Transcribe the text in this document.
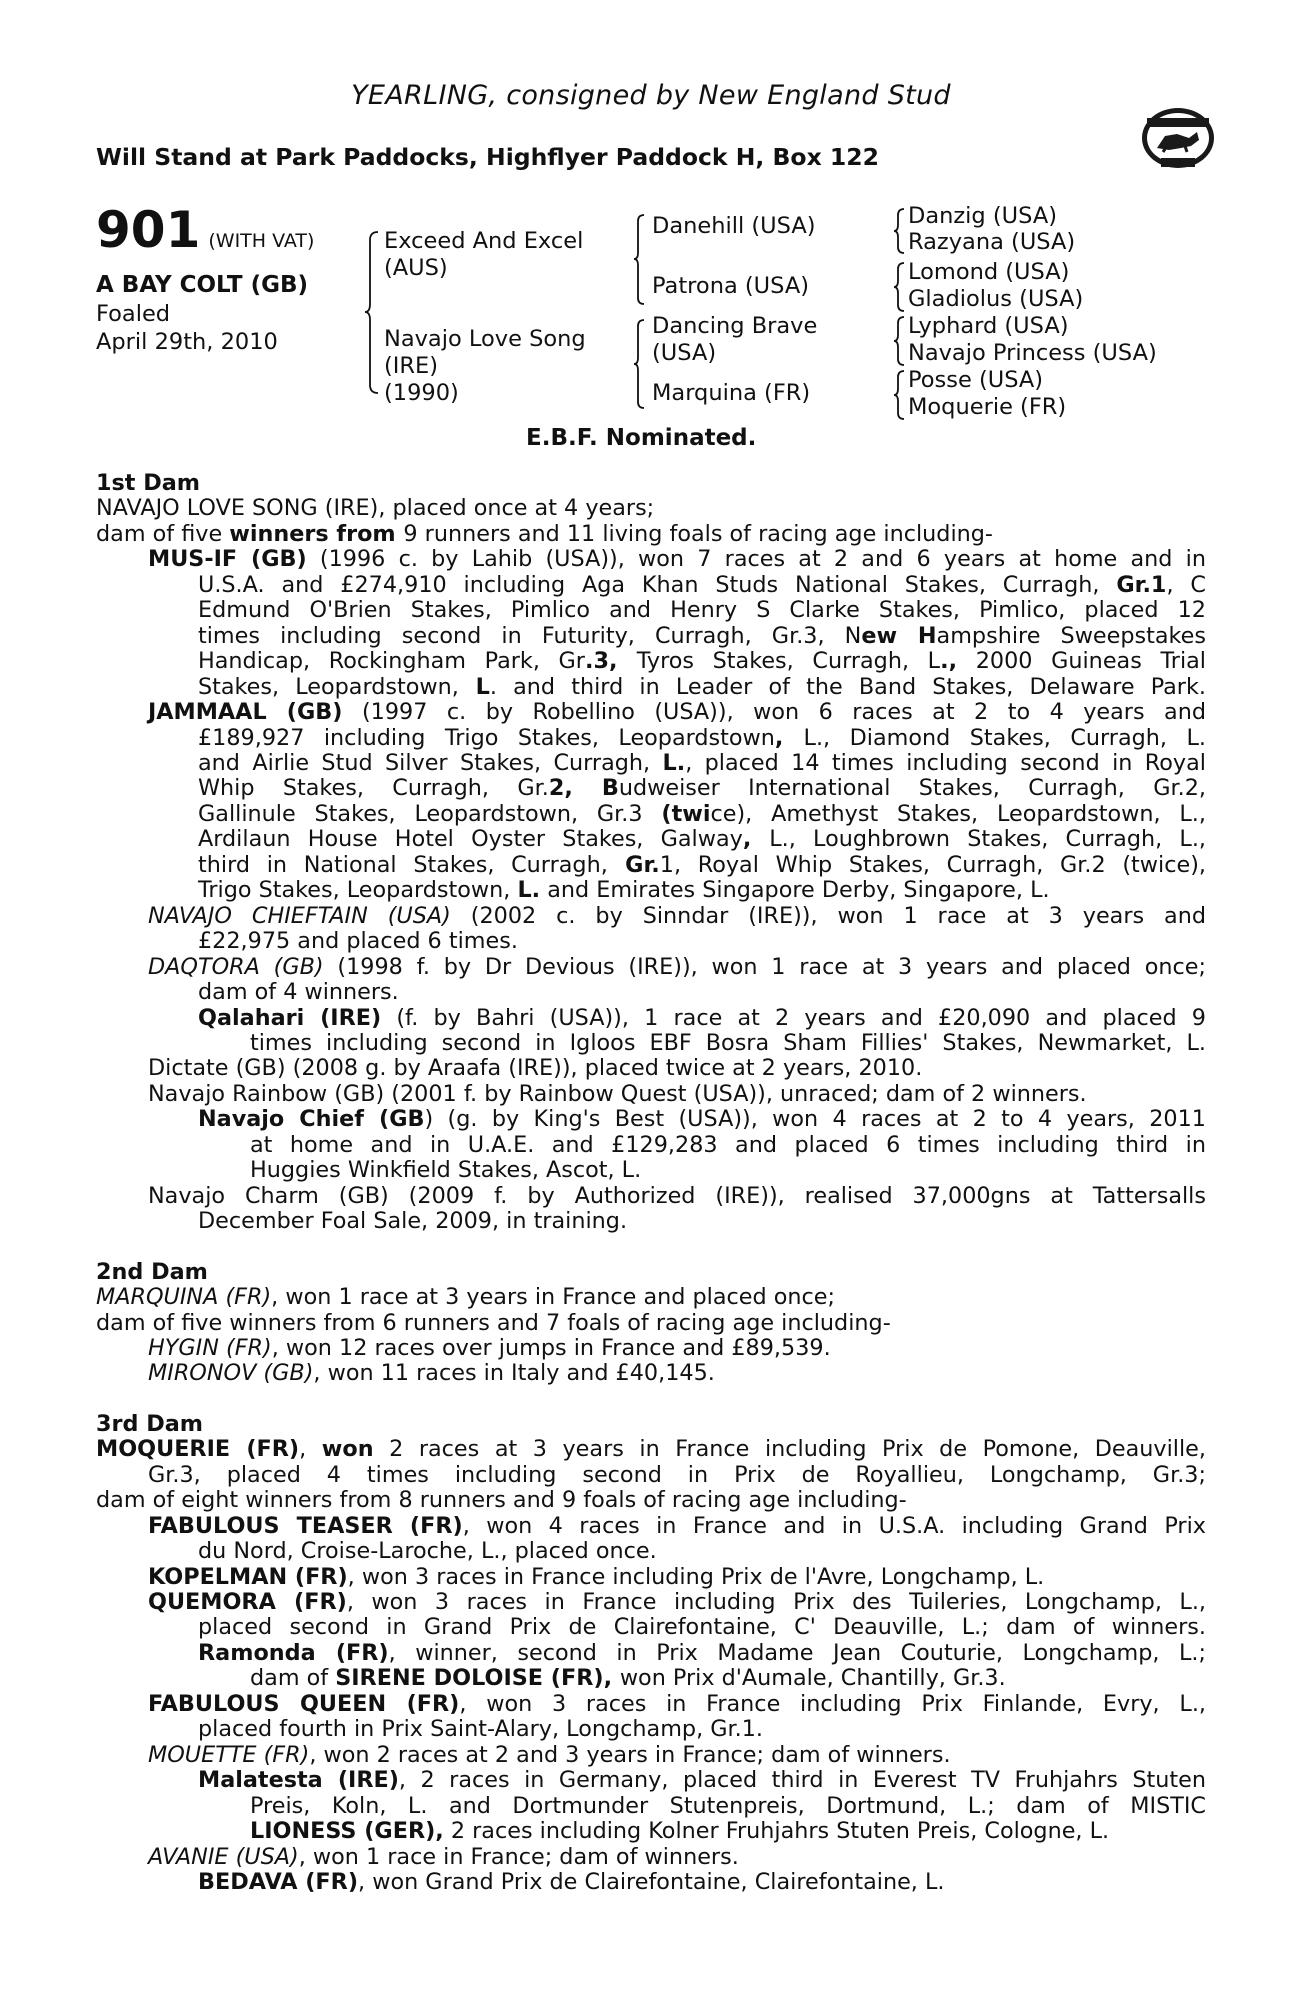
YEARLING, consigned by New England Stud
Will Stand at Park Paddocks, Highflyer Paddock H, Box 122
901 (WITH VAT)
A BAY COLT (GB)
Foaled
April 29th, 2010
Exceed And Excel
(AUS)
Navajo Love Song
(IRE)
(1990)
Danehill (USA)
Patrona (USA)
Dancing Brave
(USA)
Marquina (FR)
Danzig (USA)
Razyana (USA)
Lomond (USA)
Gladiolus (USA)
Lyphard (USA)
Navajo Princess (USA)
Posse (USA)
Moquerie (FR)
E.B.F. Nominated.
1st Dam
NAVAJO LOVE SONG (IRE), placed once at 4 years;
dam of five winners from 9 runners and 11 living foals of racing age including-
MUS-IF (GB) (1996 c. by Lahib (USA)), won 7 races at 2 and 6 years at home and in
U.S.A. and £274,910 including Aga Khan Studs National Stakes, Curragh, Gr.1, C
Edmund O'Brien Stakes, Pimlico and Henry S Clarke Stakes, Pimlico, placed 12
times including second in Futurity, Curragh, Gr.3, New Hampshire Sweepstakes
Handicap, Rockingham Park, Gr.3, Tyros Stakes, Curragh, L., 2000 Guineas Trial
Stakes, Leopardstown, L. and third in Leader of the Band Stakes, Delaware Park.
JAMMAAL (GB) (1997 c. by Robellino (USA)), won 6 races at 2 to 4 years and
£189,927 including Trigo Stakes, Leopardstown, L., Diamond Stakes, Curragh, L.
and Airlie Stud Silver Stakes, Curragh, L., placed 14 times including second in Royal
Whip Stakes, Curragh, Gr.2, Budweiser International Stakes, Curragh, Gr.2,
Gallinule Stakes, Leopardstown, Gr.3 (twice), Amethyst Stakes, Leopardstown, L.,
Ardilaun House Hotel Oyster Stakes, Galway, L., Loughbrown Stakes, Curragh, L.,
third in National Stakes, Curragh, Gr.1, Royal Whip Stakes, Curragh, Gr.2 (twice),
Trigo Stakes, Leopardstown, L. and Emirates Singapore Derby, Singapore, L.
NAVAJO CHIEFTAIN (USA) (2002 c. by Sinndar (IRE)), won 1 race at 3 years and
£22,975 and placed 6 times.
DAQTORA (GB) (1998 f. by Dr Devious (IRE)), won 1 race at 3 years and placed once;
dam of 4 winners.
Qalahari (IRE) (f. by Bahri (USA)), 1 race at 2 years and £20,090 and placed 9
times including second in Igloos EBF Bosra Sham Fillies' Stakes, Newmarket, L.
Dictate (GB) (2008 g. by Araafa (IRE)), placed twice at 2 years, 2010.
Navajo Rainbow (GB) (2001 f. by Rainbow Quest (USA)), unraced; dam of 2 winners.
Navajo Chief (GB) (g. by King's Best (USA)), won 4 races at 2 to 4 years, 2011
at home and in U.A.E. and £129,283 and placed 6 times including third in
Huggies Winkfield Stakes, Ascot, L.
Navajo Charm (GB) (2009 f. by Authorized (IRE)), realised 37,000gns at Tattersalls
December Foal Sale, 2009, in training.
2nd Dam
MARQUINA (FR), won 1 race at 3 years in France and placed once;
dam of five winners from 6 runners and 7 foals of racing age including-
HYGIN (FR), won 12 races over jumps in France and £89,539.
MIRONOV (GB), won 11 races in Italy and £40,145.
3rd Dam
MOQUERIE (FR), won 2 races at 3 years in France including Prix de Pomone, Deauville,
Gr.3, placed 4 times including second in Prix de Royallieu, Longchamp, Gr.3;
dam of eight winners from 8 runners and 9 foals of racing age including-
FABULOUS TEASER (FR), won 4 races in France and in U.S.A. including Grand Prix
du Nord, Croise-Laroche, L., placed once.
KOPELMAN (FR), won 3 races in France including Prix de l'Avre, Longchamp, L.
QUEMORA (FR), won 3 races in France including Prix des Tuileries, Longchamp, L.,
placed second in Grand Prix de Clairefontaine, C' Deauville, L.; dam of winners.
Ramonda (FR), winner, second in Prix Madame Jean Couturie, Longchamp, L.;
dam of SIRENE DOLOISE (FR), won Prix d'Aumale, Chantilly, Gr.3.
FABULOUS QUEEN (FR), won 3 races in France including Prix Finlande, Evry, L.,
placed fourth in Prix Saint-Alary, Longchamp, Gr.1.
MOUETTE (FR), won 2 races at 2 and 3 years in France; dam of winners.
Malatesta (IRE), 2 races in Germany, placed third in Everest TV Fruhjahrs Stuten
Preis, Koln, L. and Dortmunder Stutenpreis, Dortmund, L.; dam of MISTIC
LIONESS (GER), 2 races including Kolner Fruhjahrs Stuten Preis, Cologne, L.
AVANIE (USA), won 1 race in France; dam of winners.
BEDAVA (FR), won Grand Prix de Clairefontaine, Clairefontaine, L.
